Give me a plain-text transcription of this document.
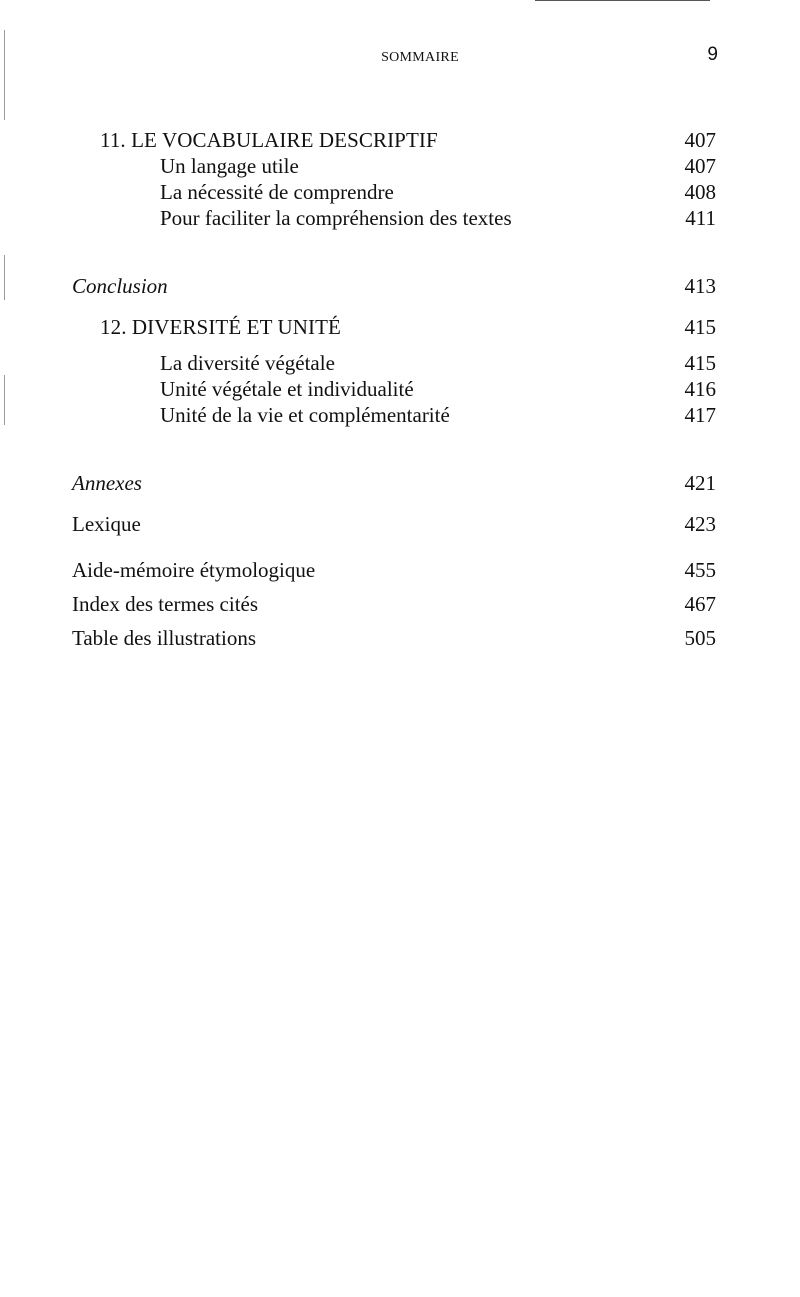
sommaire	9
11. LE VOCABULAIRE DESCRIPTIF	407
Un langage utile	407
La nécessité de comprendre	408
Pour faciliter la compréhension des textes	411
Conclusion	413
12. DIVERSITÉ ET UNITÉ	415
La diversité végétale	415
Unité végétale et individualité	416
Unité de la vie et complémentarité	417
Annexes	421
Lexique	423
Aide-mémoire étymologique	455
Index des termes cités	467
Table des illustrations	505
